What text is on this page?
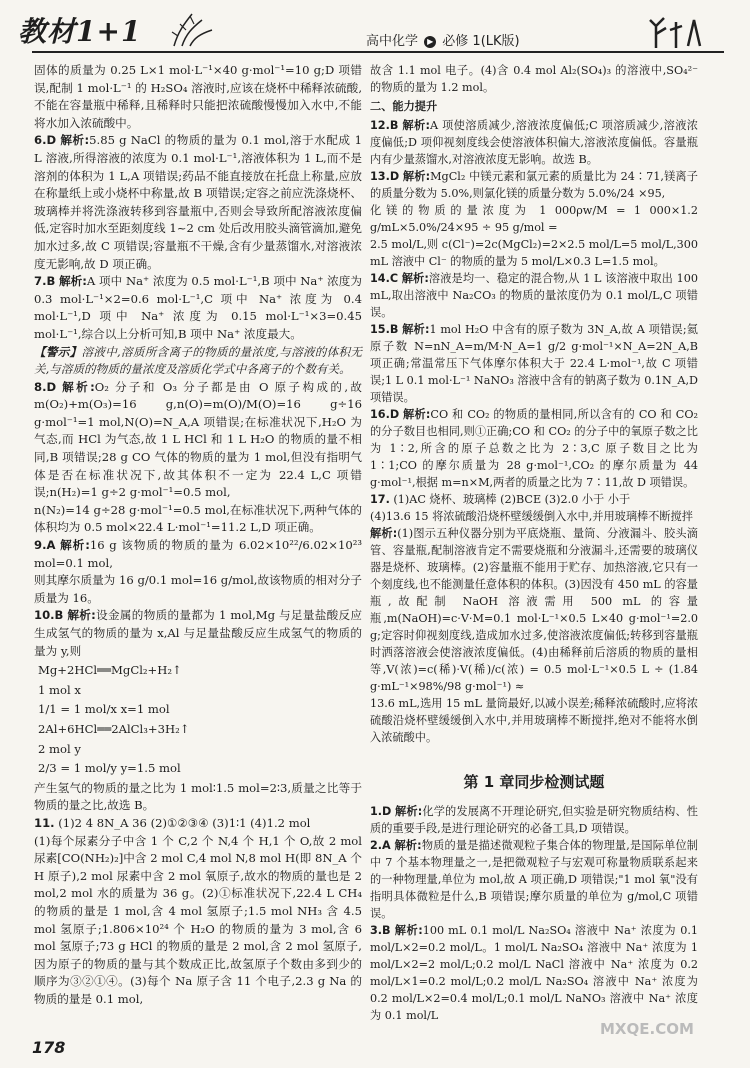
教材1+1	高中化学 ▶ 必修 1(LK版)

固体的质量为 0.25 L×1 mol·L⁻¹×40 g·mol⁻¹=10 g;D 项错误,配制 1 mol·L⁻¹ 的 H₂SO₄ 溶液时,应该在烧杯中稀释浓硫酸,不能在容量瓶中稀释,且稀释时只能把浓硫酸慢慢加入水中,不能将水加入浓硫酸中。

6.D 解析:5.85 g NaCl 的物质的量为 0.1 mol,溶于水配成 1 L 溶液,所得溶液的浓度为 0.1 mol·L⁻¹,溶液体积为 1 L,而不是溶剂的体积为 1 L,A 项错误;药品不能直接放在托盘上称量,应放在称量纸上或小烧杯中称量,故 B 项错误;定容之前应洗涤烧杯、玻璃棒并将洗涤液转移到容量瓶中,否则会导致所配溶液浓度偏低,定容时加水至距刻度线 1~2 cm 处后改用胶头滴管滴加,避免加水过多,故 C 项错误;容量瓶不干燥,含有少量蒸馏水,对溶液浓度无影响,故 D 项正确。

7.B 解析:A 项中 Na⁺ 浓度为 0.5 mol·L⁻¹,B 项中 Na⁺ 浓度为 0.3 mol·L⁻¹×2=0.6 mol·L⁻¹,C 项中 Na⁺ 浓度为 0.4 mol·L⁻¹,D 项中 Na⁺ 浓度为 0.15 mol·L⁻¹×3=0.45 mol·L⁻¹,综合以上分析可知,B 项中 Na⁺ 浓度最大。

【警示】溶液中,溶质所含离子的物质的量浓度,与溶液的体积无关,与溶质的物质的量浓度及溶质化学式中各离子的个数有关。

8.D 解析:O₂ 分子和 O₃ 分子都是由 O 原子构成的,故 m(O₂)+m(O₃)=16 g,n(O)=m(O)/M(O)=16 g÷16 g·mol⁻¹=1 mol,N(O)=N_A,A 项错误;在标准状况下,H₂O 为气态,而 HCl 为气态,故 1 L HCl 和 1 L H₂O 的物质的量不相同,B 项错误;28 g CO 气体的物质的量为 1 mol,但没有指明气体是否在标准状况下,故其体积不一定为 22.4 L,C 项错误;n(H₂)=1 g÷2 g·mol⁻¹=0.5 mol,

n(N₂)=14 g÷28 g·mol⁻¹=0.5 mol,在标准状况下,两种气体的体积均为 0.5 mol×22.4 L·mol⁻¹=11.2 L,D 项正确。

9.A 解析:16 g 该物质的物质的量为 6.02×10²²/6.02×10²³ mol=0.1 mol,

则其摩尔质量为 16 g/0.1 mol=16 g/mol,故该物质的相对分子质量为 16。

10.B 解析:设金属的物质的量都为 1 mol,Mg 与足量盐酸反应生成氢气的物质的量为 x,Al 与足量盐酸反应生成氢气的物质的量为 y,则

Mg+2HCl══MgCl₂+H₂↑
1 mol x
1/1 = 1 mol/x x=1 mol
2Al+6HCl══2AlCl₃+3H₂↑
2 mol y
2/3 = 1 mol/y y=1.5 mol

产生氢气的物质的量之比为 1 mol∶1.5 mol=2∶3,质量之比等于物质的量之比,故选 B。

11. (1)2 4 8N_A 36 (2)①②③④ (3)1∶1 (4)1.2 mol

(1)每个尿素分子中含 1 个 C,2 个 N,4 个 H,1 个 O,故 2 mol 尿素[CO(NH₂)₂]中含 2 mol C,4 mol N,8 mol H(即 8N_A 个 H 原子),2 mol 尿素中含 2 mol 氧原子,故水的物质的量也是 2 mol,2 mol 水的质量为 36 g。(2)①标准状况下,22.4 L CH₄ 的物质的量是 1 mol,含 4 mol 氢原子;1.5 mol NH₃ 含 4.5 mol 氢原子;1.806×10²⁴ 个 H₂O 的物质的量为 3 mol,含 6 mol 氢原子;73 g HCl 的物质的量是 2 mol,含 2 mol 氢原子,因为原子的物质的量与其个数成正比,故氢原子个数由多到少的顺序为③②①④。(3)每个 Na 原子含 11 个电子,2.3 g Na 的物质的量是 0.1 mol,

故含 1.1 mol 电子。(4)含 0.4 mol Al₂(SO₄)₃ 的溶液中,SO₄²⁻ 的物质的量为 1.2 mol。

二、能力提升

12.B 解析:A 项使溶质减少,溶液浓度偏低;C 项溶质减少,溶液浓度偏低;D 项仰视刻度线会使溶液体积偏大,溶液浓度偏低。容量瓶内有少量蒸馏水,对溶液浓度无影响。故选 B。

13.D 解析:MgCl₂ 中镁元素和氯元素的质量比为 24∶71,镁离子的质量分数为 5.0%,则氯化镁的质量分数为 5.0%/24 ×95,

化镁的物质的量浓度为 1 000ρw/M = 1 000×1.2 g/mL×5.0%/24×95 ÷ 95 g/mol =

2.5 mol/L,则 c(Cl⁻)=2c(MgCl₂)=2×2.5 mol/L=5 mol/L,300 mL 溶液中 Cl⁻ 的物质的量为 5 mol/L×0.3 L=1.5 mol。

14.C 解析:溶液是均一、稳定的混合物,从 1 L 该溶液中取出 100 mL,取出溶液中 Na₂CO₃ 的物质的量浓度仍为 0.1 mol/L,C 项错误。

15.B 解析:1 mol H₂O 中含有的原子数为 3N_A,故 A 项错误;氦原子数 N=nN_A=m/M·N_A=1 g/2 g·mol⁻¹×N_A=2N_A,B 项正确;常温常压下气体摩尔体积大于 22.4 L·mol⁻¹,故 C 项错误;1 L 0.1 mol·L⁻¹ NaNO₃ 溶液中含有的钠离子数为 0.1N_A,D 项错误。

16.D 解析:CO 和 CO₂ 的物质的量相同,所以含有的 CO 和 CO₂ 的分子数目也相同,则①正确;CO 和 CO₂ 的分子中的氧原子数之比为 1∶2,所含的原子总数之比为 2∶3,C 原子数目之比为 1∶1;CO 的摩尔质量为 28 g·mol⁻¹,CO₂ 的摩尔质量为 44 g·mol⁻¹,根据 m=n×M,两者的质量之比为 7∶11,故 D 项错误。

17. (1)AC 烧杯、玻璃棒 (2)BCE (3)2.0 小于 小于

(4)13.6 15 将浓硫酸沿烧杯壁缓缓倒入水中,并用玻璃棒不断搅拌

解析:(1)图示五种仪器分别为平底烧瓶、量筒、分液漏斗、胶头滴管、容量瓶,配制溶液肯定不需要烧瓶和分液漏斗,还需要的玻璃仪器是烧杯、玻璃棒。(2)容量瓶不能用于贮存、加热溶液,它只有一个刻度线,也不能测量任意体积的体积。(3)因没有 450 mL 的容量瓶,故配制 NaOH 溶液需用 500 mL 的容量瓶,m(NaOH)=c·V·M=0.1 mol·L⁻¹×0.5 L×40 g·mol⁻¹=2.0 g;定容时仰视刻度线,造成加水过多,使溶液浓度偏低;转移到容量瓶时洒落溶液会使溶液浓度偏低。(4)由稀释前后溶质的物质的量相等,V(浓)=c(稀)·V(稀)/c(浓) = 0.5 mol·L⁻¹×0.5 L ÷ (1.84 g·mL⁻¹×98%/98 g·mol⁻¹) ≈

13.6 mL,选用 15 mL 量筒最好,以减小误差;稀释浓硫酸时,应将浓硫酸沿烧杯壁缓缓倒入水中,并用玻璃棒不断搅拌,绝对不能将水倒入浓硫酸中。

第 1 章同步检测试题

1.D 解析:化学的发展离不开理论研究,但实验是研究物质结构、性质的重要手段,是进行理论研究的必备工具,D 项错误。

2.A 解析:物质的量是描述微观粒子集合体的物理量,是国际单位制中 7 个基本物理量之一,是把微观粒子与宏观可称量物质联系起来的一种物理量,单位为 mol,故 A 项正确,D 项错误;"1 mol 氧"没有指明具体微粒是什么,B 项错误;摩尔质量的单位为 g/mol,C 项错误。

3.B 解析:100 mL 0.1 mol/L Na₂SO₄ 溶液中 Na⁺ 浓度为 0.1 mol/L×2=0.2 mol/L。1 mol/L Na₂SO₄ 溶液中 Na⁺ 浓度为 1 mol/L×2=2 mol/L;0.2 mol/L NaCl 溶液中 Na⁺ 浓度为 0.2 mol/L×1=0.2 mol/L;0.2 mol/L Na₂SO₄ 溶液中 Na⁺ 浓度为 0.2 mol/L×2=0.4 mol/L;0.1 mol/L NaNO₃ 溶液中 Na⁺ 浓度为 0.1 mol/L

178
MXQE.COM
